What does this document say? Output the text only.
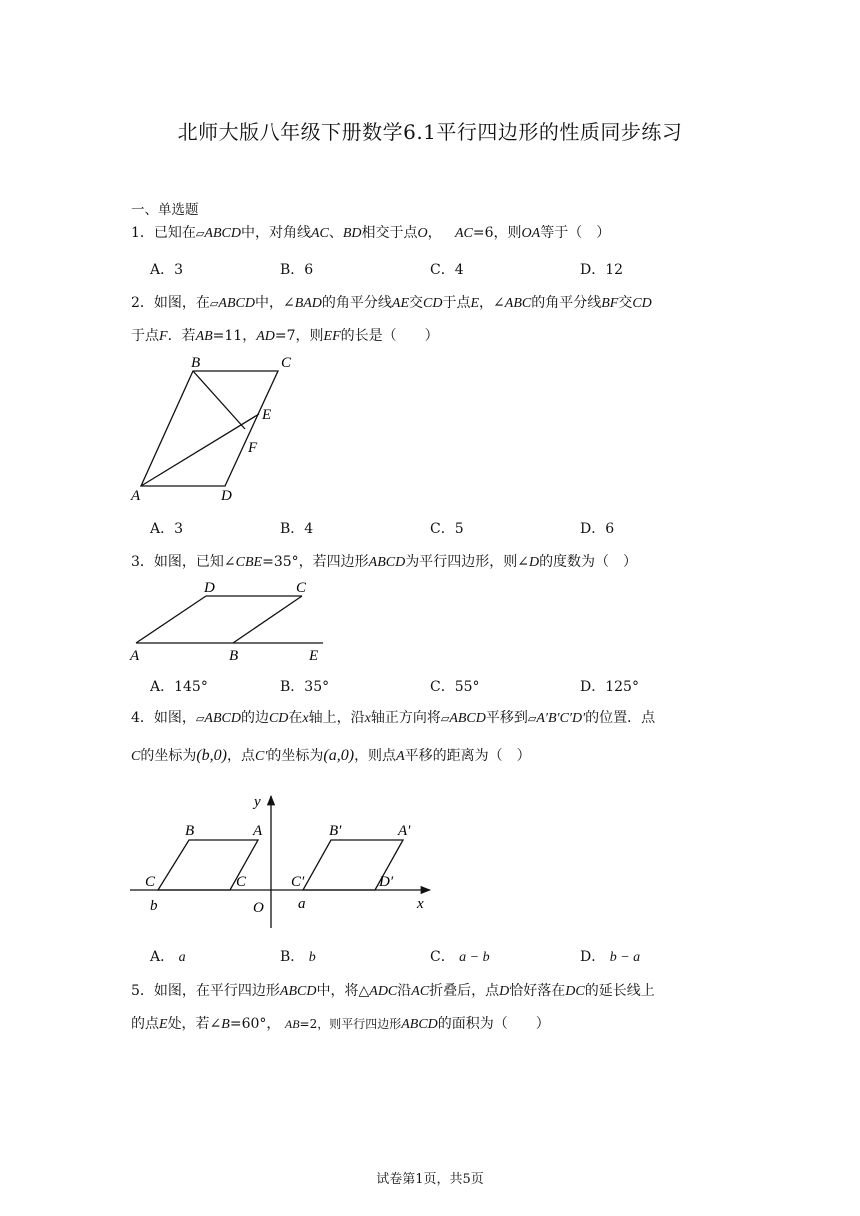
北师大版八年级下册数学6.1平行四边形的性质同步练习
一、单选题
1．已知在▱ABCD中，对角线AC、BD相交于点O， AC=6，则OA等于（　）
A．3	B．6	C．4	D．12
2．如图，在▱ABCD中，∠BAD的角平分线AE交CD于点E，∠ABC的角平分线BF交CD
于点F．若AB=11，AD=7，则EF的长是（　　）
B	C
E
F
A	D
A．3	B．4	C．5	D．6
3．如图，已知∠CBE=35°，若四边形ABCD为平行四边形，则∠D的度数为（　）
D	C
A	B	E
A．145°	B．35°	C．55°	D．125°
4．如图，▱ABCD的边CD在x轴上，沿x轴正方向将▱ABCD平移到▱A′B′C′D′的位置．点
C的坐标为(b,0)，点C′的坐标为(a,0)，则点A平移的距离为（　）
y
B	A	B′	A′
C	C	C′	D′
b	O a	x
A． a	B． b	C． a − b	D． b − a
5．如图，在平行四边形ABCD中，将△ADC沿AC折叠后，点D恰好落在DC的延长线上
的点E处，若∠B=60°， AB=2，则平行四边形ABCD的面积为（　　）
试卷第1页，共5页
